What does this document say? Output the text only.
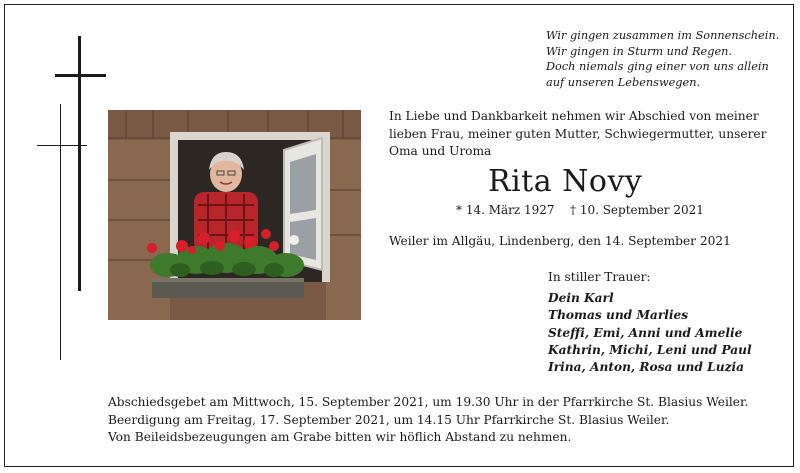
Wir gingen zusammen im Sonnenschein.
Wir gingen in Sturm und Regen.
Doch niemals ging einer von uns allein
auf unseren Lebenswegen.
In Liebe und Dankbarkeit nehmen wir Abschied von meiner
lieben Frau, meiner guten Mutter, Schwiegermutter, unserer
Oma und Uroma
Rita Novy
* 14. März 1927 † 10. September 2021
Weiler im Allgäu, Lindenberg, den 14. September 2021
In stiller Trauer:
Dein Karl
Thomas und Marlies
Steffi, Emi, Anni und Amelie
Kathrin, Michi, Leni und Paul
Irina, Anton, Rosa und Luzia
Abschiedsgebet am Mittwoch, 15. September 2021, um 19.30 Uhr in der Pfarrkirche St. Blasius Weiler.
Beerdigung am Freitag, 17. September 2021, um 14.15 Uhr Pfarrkirche St. Blasius Weiler.
Von Beileidsbezeugungen am Grabe bitten wir höflich Abstand zu nehmen.
